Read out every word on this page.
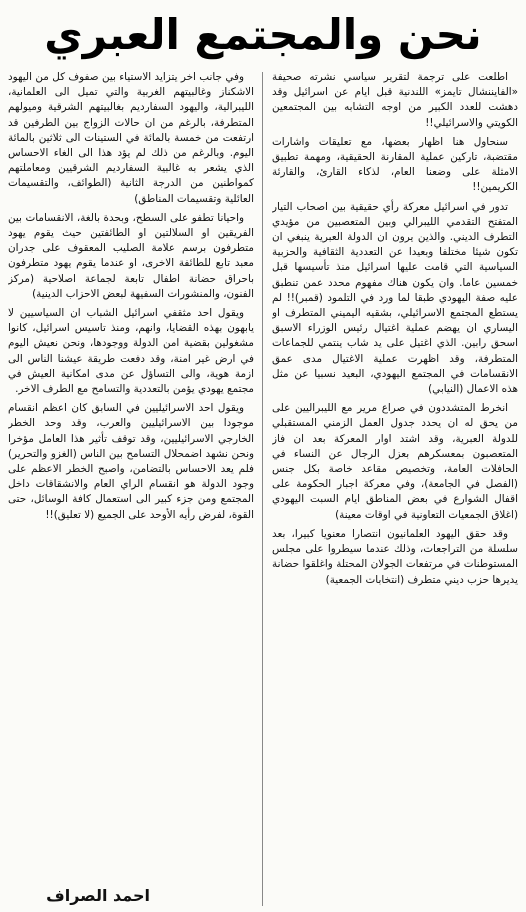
نحن والمجتمع العبري

اطلعت على ترجمة لتقرير سياسي نشرته صحيفة «الفايننشال تايمز» اللندنية قبل ايام عن اسرائيل وقد دهشت للعدد الكبير من اوجه التشابه بين المجتمعين الكويتي والاسرائيلي!!

سنحاول هنا اظهار بعضها، مع تعليقات واشارات مقتضبة، تاركين عملية المقارنة الحقيقية، ومهمة تطبيق الامثلة على وضعنا العام، لذكاء القارئ، والقارئة الكريمين!!

تدور في اسرائيل معركة رأي حقيقية بين اصحاب التيار المتفتح التقدمي الليبرالي وبين المتعصبين من مؤيدي التطرف الديني. والذين يرون ان الدولة العبرية ينبغي ان تكون شيئا مختلفا وبعيدا عن التعددية الثقافية والحزبية السياسية التي قامت عليها اسرائيل منذ تأسيسها قبل خمسين عاما. وان يكون هناك مفهوم محدد عمن تنطبق عليه صفة اليهودي طبقا لما ورد في التلمود (قمبر)!! لم يستطع المجتمع الاسرائيلي، بشقيه اليميني المتطرف او اليساري ان يهضم عملية اغتيال رئيس الوزراء الاسبق اسحق رابين. الذي اغتيل على يد شاب ينتمي للجماعات المتطرفة، وقد اظهرت عملية الاغتيال مدى عمق الانقسامات في المجتمع اليهودي، البعيد نسبيا عن مثل هذه الاعمال (النيابي)

انخرط المتشددون في صراع مرير مع الليبراليين على من يحق له ان يحدد جدول العمل الزمني المستقبلي للدولة العبرية، وقد اشتد اوار المعركة بعد ان فاز المتعصبون بمعسكرهم بعزل الرجال عن النساء في الحافلات العامة، وتخصيص مقاعد خاصة بكل جنس (الفصل في الجامعة)، وفي معركة اجبار الحكومة على اقفال الشوارع في بعض المناطق ايام السبت اليهودي (اغلاق الجمعيات التعاونية في اوقات معينة)

وقد حقق اليهود العلمانيون انتصارا معنويا كبيرا، بعد سلسلة من التراجعات، وذلك عندما سيطروا على مجلس المستوطنات في مرتفعات الجولان المحتلة واغلقوا حضانة يديرها حزب ديني متطرف (انتخابات الجمعية)

وفي جانب اخر يتزايد الاستياء بين صفوف كل من اليهود الاشكناز وغالبيتهم الغربية والتي تميل الى العلمانية، الليبرالية، واليهود السفارديم بغالبيتهم الشرقية وميولهم المتطرفة، بالرغم من ان حالات الزواج بين الطرفين قد ارتفعت من خمسة بالمائة في الستينات الى ثلاثين بالمائة اليوم. وبالرغم من ذلك لم يؤد هذا الى الغاء الاحساس الذي يشعر به غالبية السفارديم الشرقيين ومعاملتهم كمواطنين من الدرجة الثانية (الطوائف، والتقسيمات العائلية وتقسيمات المناطق)

واحيانا تطفو على السطح، وبحدة بالغة، الانقسامات بين الفريقين او السلالتين او الطائفتين حيث يقوم يهود متطرفون برسم علامة الصليب المعقوف على جدران معبد تابع للطائفة الاخرى، او عندما يقوم يهود متطرفون باحراق حضانة اطفال تابعة لجماعة اصلاحية (مركز الفنون، والمنشورات السفيهة لبعض الاحزاب الدينية)

ويقول احد مثقفي اسرائيل الشباب ان السياسيين لا يابهون بهذه القضايا، وانهم، ومنذ تاسيس اسرائيل، كانوا مشغولين بقضية امن الدولة ووجودها، ونحن نعيش اليوم في ارض غير امنة، وقد دفعت طريقة عيشنا الناس الى ازمة هوية، والى التساؤل عن مدى امكانية العيش في مجتمع يهودي يؤمن بالتعددية والتسامح مع الطرف الاخر.

ويقول احد الاسرائيليين في السابق كان اعظم انقسام موجودا بين الاسرائيليين والعرب، وقد وحد الخطر الخارجي الاسرائيليين، وقد توقف تأثير هذا العامل مؤخرا ونحن نشهد اضمحلال التسامح بين الناس (الغزو والتحرير) فلم يعد الاحساس بالتضامن، واصبح الخطر الاعظم على وجود الدولة هو انقسام الراي العام والانشقاقات داخل المجتمع ومن جزء كبير الى استعمال كافة الوسائل، حتى القوة، لفرض رأيه الأوحد على الجميع (لا تعليق)!!

احمد الصراف
